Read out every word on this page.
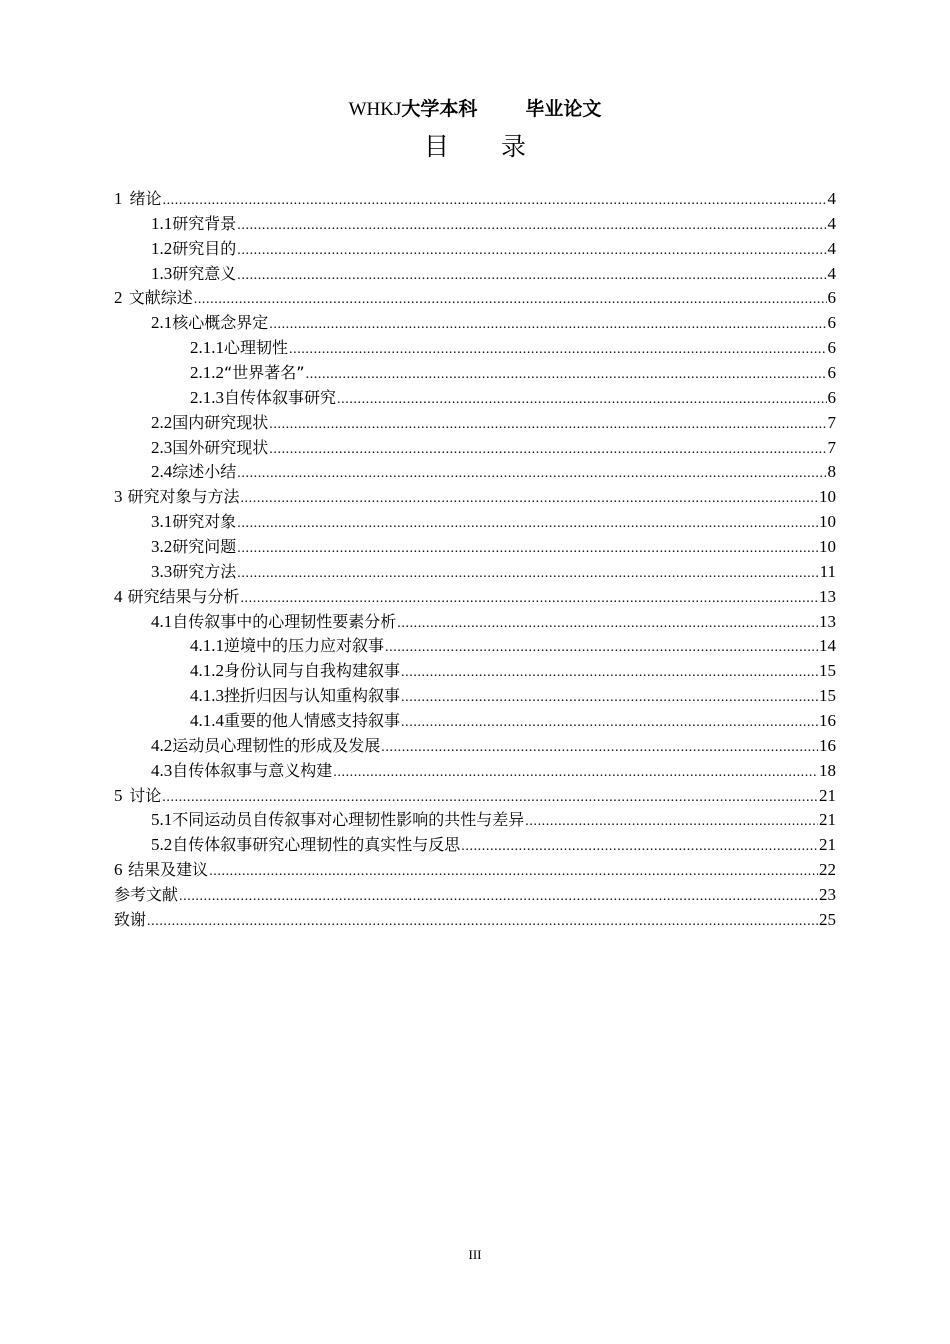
WHKJ大学本科	毕业论文
目 录
1 绪论 .....	4
1.1 研究背景 .....	4
1.2 研究目的 .....	4
1.3 研究意义 .....	4
2 文献综述 .....	6
2.1 核心概念界定 .....	6
2.1.1 心理韧性 .....	6
2.1.2 “世界著名” .....	6
2.1.3 自传体叙事研究 .....	6
2.2 国内研究现状 .....	7
2.3 国外研究现状 .....	7
2.4 综述小结 .....	8
3 研究对象与方法 .....	10
3.1 研究对象 .....	10
3.2 研究问题 .....	10
3.3 研究方法 .....	11
4 研究结果与分析 .....	13
4.1 自传叙事中的心理韧性要素分析 .....	13
4.1.1 逆境中的压力应对叙事 .....	14
4.1.2 身份认同与自我构建叙事 .....	15
4.1.3 挫折归因与认知重构叙事 .....	15
4.1.4 重要的他人情感支持叙事 .....	16
4.2 运动员心理韧性的形成及发展 .....	16
4.3 自传体叙事与意义构建 .....	18
5 讨论 .....	21
5.1 不同运动员自传叙事对心理韧性影响的共性与差异 .....	21
5.2 自传体叙事研究心理韧性的真实性与反思 .....	21
6 结果及建议 .....	22
参考文献 .....	23
致谢 .....	25
III
